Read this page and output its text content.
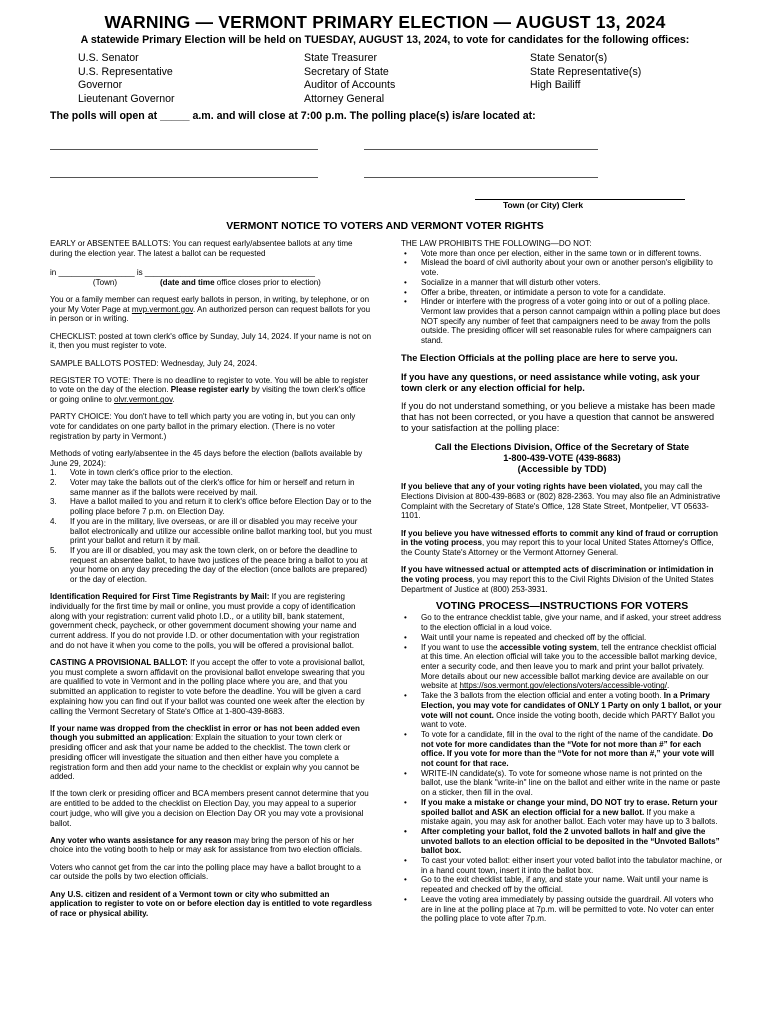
WARNING — VERMONT PRIMARY ELECTION — AUGUST 13, 2024
A statewide Primary Election will be held on TUESDAY, AUGUST 13, 2024, to vote for candidates for the following offices:
U.S. Senator
U.S. Representative
Governor
Lieutenant Governor
State Treasurer
Secretary of State
Auditor of Accounts
Attorney General
State Senator(s)
State Representative(s)
High Bailiff
The polls will open at _____ a.m. and will close at 7:00 p.m. The polling place(s) is/are located at:
Town (or City) Clerk
VERMONT NOTICE TO VOTERS AND VERMONT VOTER RIGHTS

EARLY or ABSENTEE BALLOTS: You can request early/absentee ballots at any time during the election year. The latest a ballot can be requested

in _________________ is ______________________________________
(Town)	(date and time office closes prior to election)

You or a family member can request early ballots in person, in writing, by telephone, or on your My Voter Page at mvp.vermont.gov. An authorized person can request ballots for you in person or in writing.

CHECKLIST: posted at town clerk's office by Sunday, July 14, 2024. If your name is not on it, then you must register to vote.

SAMPLE BALLOTS POSTED: Wednesday, July 24, 2024.

REGISTER TO VOTE: There is no deadline to register to vote. You will be able to register to vote on the day of the election. Please register early by visiting the town clerk's office or going online to olvr.vermont.gov.

PARTY CHOICE: You don't have to tell which party you are voting in, but you can only vote for candidates on one party ballot in the primary election. (There is no voter registration by party in Vermont.)

Methods of voting early/absentee in the 45 days before the election (ballots available by June 29, 2024):
1. Vote in town clerk's office prior to the election.
2. Voter may take the ballots out of the clerk's office for him or herself and return in same manner as if the ballots were received by mail.
3. Have a ballot mailed to you and return it to clerk's office before Election Day or to the polling place before 7 p.m. on Election Day.
4. If you are in the military, live overseas, or are ill or disabled you may receive your ballot electronically and utilize our accessible online ballot marking tool, but you must print your ballot and return it by mail.
5. If you are ill or disabled, you may ask the town clerk, on or before the deadline to request an absentee ballot, to have two justices of the peace bring a ballot to you at your home on any day preceding the day of the election (once ballots are prepared) or the day of election.

Identification Required for First Time Registrants by Mail: If you are registering individually for the first time by mail or online, you must provide a copy of identification along with your registration: current valid photo I.D., or a utility bill, bank statement, government check, paycheck, or other government document showing your name and current address. If you do not provide I.D. or other documentation with your registration and do not have it when you come to the polls, you will be offered a provisional ballot.

CASTING A PROVISIONAL BALLOT: If you accept the offer to vote a provisional ballot, you must complete a sworn affidavit on the provisional ballot envelope swearing that you are qualified to vote in Vermont and in the polling place where you are, and that you submitted an application to register to vote before the deadline. You will be given a card explaining how you can find out if your ballot was counted one week after the election by calling the Vermont Secretary of State's Office at 1-800-439-8683.

If your name was dropped from the checklist in error or has not been added even though you submitted an application: Explain the situation to your town clerk or presiding officer and ask that your name be added to the checklist. The town clerk or presiding officer will investigate the situation and then either have you complete a registration form and then add your name to the checklist or explain why you cannot be added.

If the town clerk or presiding officer and BCA members present cannot determine that you are entitled to be added to the checklist on Election Day, you may appeal to a superior court judge, who will give you a decision on Election Day OR you may vote a provisional ballot.

Any voter who wants assistance for any reason may bring the person of his or her choice into the voting booth to help or may ask for assistance from two election officials.

Voters who cannot get from the car into the polling place may have a ballot brought to a car outside the polls by two election officials.

Any U.S. citizen and resident of a Vermont town or city who submitted an application to register to vote on or before election day is entitled to vote regardless of race or physical ability.

THE LAW PROHIBITS THE FOLLOWING—DO NOT:
• Vote more than once per election, either in the same town or in different towns.
• Mislead the board of civil authority about your own or another person's eligibility to vote.
• Socialize in a manner that will disturb other voters.
• Offer a bribe, threaten, or intimidate a person to vote for a candidate.
• Hinder or interfere with the progress of a voter going into or out of a polling place. Vermont law provides that a person cannot campaign within a polling place but does NOT specify any number of feet that campaigners need to be away from the polls outside. The presiding officer will set reasonable rules for where campaigners can stand.

The Election Officials at the polling place are here to serve you.

If you have any questions, or need assistance while voting, ask your town clerk or any election official for help.

If you do not understand something, or you believe a mistake has been made that has not been corrected, or you have a question that cannot be answered to your satisfaction at the polling place:

Call the Elections Division, Office of the Secretary of State
1-800-439-VOTE (439-8683)
(Accessible by TDD)

If you believe that any of your voting rights have been violated, you may call the Elections Division at 800-439-8683 or (802) 828-2363. You may also file an Administrative Complaint with the Secretary of State's Office, 128 State Street, Montpelier, VT 05633-1101.

If you believe you have witnessed efforts to commit any kind of fraud or corruption in the voting process, you may report this to your local United States Attorney's Office, the County State's Attorney or the Vermont Attorney General.

If you have witnessed actual or attempted acts of discrimination or intimidation in the voting process, you may report this to the Civil Rights Division of the United States Department of Justice at (800) 253-3931.

VOTING PROCESS—INSTRUCTIONS FOR VOTERS
• Go to the entrance checklist table, give your name, and if asked, your street address to the election official in a loud voice.
• Wait until your name is repeated and checked off by the official.
• If you want to use the accessible voting system, tell the entrance checklist official at this time. An election official will take you to the accessible ballot marking device, enter a security code, and then leave you to mark and print your ballot privately. More details about our new accessible ballot marking device are available on our website at https://sos.vermont.gov/elections/voters/accessible-voting/.
• Take the 3 ballots from the election official and enter a voting booth. In a Primary Election, you may vote for candidates of ONLY 1 Party on only 1 ballot, or your vote will not count. Once inside the voting booth, decide which PARTY Ballot you want to vote.
• To vote for a candidate, fill in the oval to the right of the name of the candidate. Do not vote for more candidates than the “Vote for not more than #” for each office. If you vote for more than the “Vote for not more than #,” your vote will not count for that race.
• WRITE-IN candidate(s). To vote for someone whose name is not printed on the ballot, use the blank "write-in" line on the ballot and either write in the name or paste on a sticker, then fill in the oval.
• If you make a mistake or change your mind, DO NOT try to erase. Return your spoiled ballot and ASK an election official for a new ballot. If you make a mistake again, you may ask for another ballot. Each voter may have up to 3 ballots.
• After completing your ballot, fold the 2 unvoted ballots in half and give the unvoted ballots to an election official to be deposited in the “Unvoted Ballots” ballot box.
• To cast your voted ballot: either insert your voted ballot into the tabulator machine, or in a hand count town, insert it into the ballot box.
• Go to the exit checklist table, if any, and state your name. Wait until your name is repeated and checked off by the official.
• Leave the voting area immediately by passing outside the guardrail. All voters who are in line at the polling place at 7p.m. will be permitted to vote. No voter can enter the polling place to vote after 7p.m.
